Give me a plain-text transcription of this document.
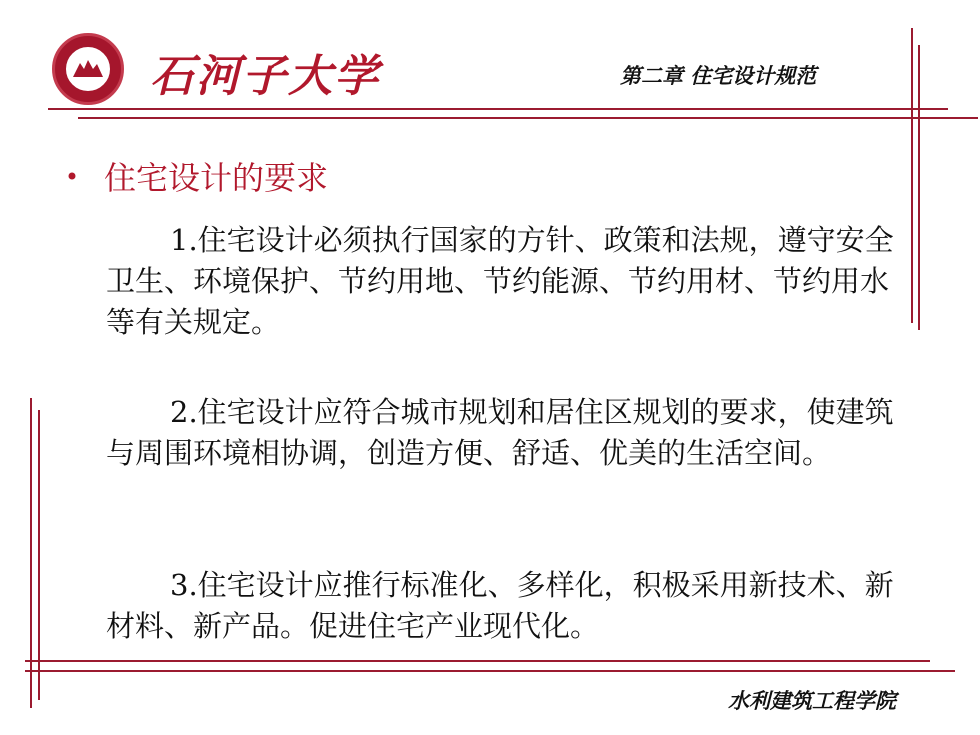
石河子大学	第二章 住宅设计规范
住宅设计的要求

1.住宅设计必须执行国家的方针、政策和法规，遵守安全卫生、环境保护、节约用地、节约能源、节约用材、节约用水等有关规定。

2.住宅设计应符合城市规划和居住区规划的要求，使建筑与周围环境相协调，创造方便、舒适、优美的生活空间。

3.住宅设计应推行标准化、多样化，积极采用新技术、新材料、新产品。促进住宅产业现代化。

水利建筑工程学院
